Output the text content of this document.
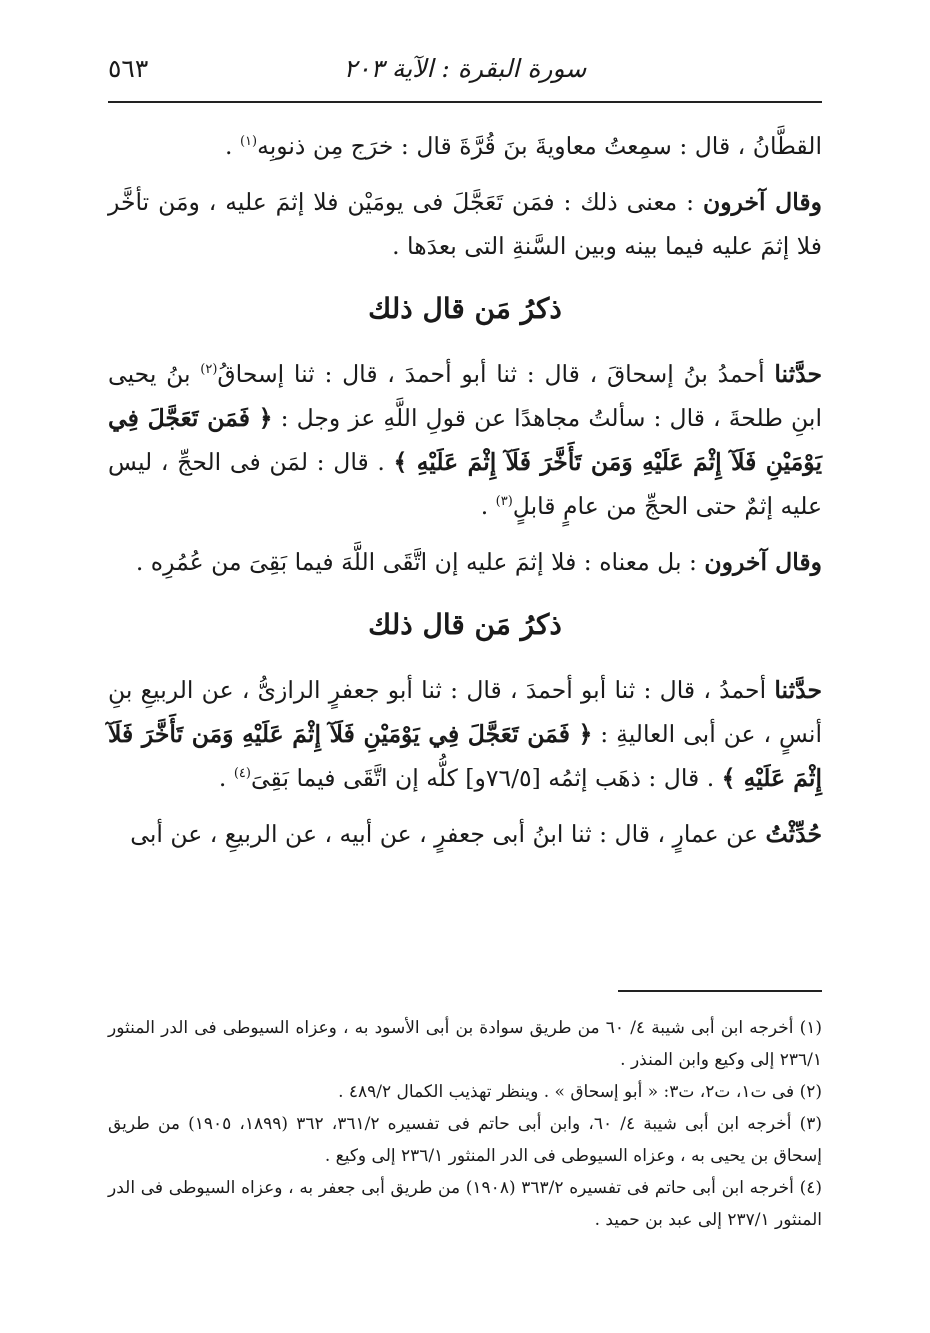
سورة البقرة : الآية ٢٠٣
٥٦٣

القطَّانُ ، قال : سمِعتُ معاويةَ بنَ قُرَّةَ قال : خرَج مِن ذنوبِه$^{(١)}$ .

وقال آخرون : معنى ذلك : فمَن تَعَجَّلَ فى يومَيْن فلا إثمَ عليه ، ومَن تأخَّر فلا إثمَ عليه فيما بينه وبين السَّنةِ التى بعدَها .

ذكرُ مَن قال ذلك

حدَّثنا أحمدُ بنُ إسحاقَ ، قال : ثنا أبو أحمدَ ، قال : ثنا إسحاقُ$^{(٢)}$ بنُ يحيى ابنِ طلحةَ ، قال : سألتُ مجاهدًا عن قولِ اللَّهِ عز وجل : ﴿ فَمَن تَعَجَّلَ فِي يَوْمَيْنِ فَلَآ إِثْمَ عَلَيْهِ وَمَن تَأَخَّرَ فَلَآ إِثْمَ عَلَيْهِ ﴾ . قال : لمَن فى الحجِّ ، ليس عليه إثمٌ حتى الحجِّ من عامٍ قابلٍ$^{(٣)}$ .

وقال آخرون : بل معناه : فلا إثمَ عليه إن اتَّقَى اللَّهَ فيما بَقِىَ من عُمُرِه .

ذكرُ مَن قال ذلك

حدَّثنا أحمدُ ، قال : ثنا أبو أحمدَ ، قال : ثنا أبو جعفرٍ الرازىُّ ، عن الربيعِ بنِ أنسٍ ، عن أبى العاليةِ : ﴿ فَمَن تَعَجَّلَ فِي يَوْمَيْنِ فَلَآ إِثْمَ عَلَيْهِ وَمَن تَأَخَّرَ فَلَآ إِثْمَ عَلَيْهِ ﴾ . قال : ذهَب إثمُه [٧٦/٥و] كلُّه إن اتَّقَى فيما بَقِىَ$^{(٤)}$ .

حُدِّثْتُ عن عمارٍ ، قال : ثنا ابنُ أبى جعفرٍ ، عن أبيه ، عن الربيعِ ، عن أبى

(١) أخرجه ابن أبى شيبة ٤/ ٦٠ من طريق سوادة بن أبى الأسود به ، وعزاه السيوطى فى الدر المنثور ٢٣٦/١ إلى وكيع وابن المنذر .

(٢) فى ت١، ت٢، ت٣: « أبو إسحاق » . وينظر تهذيب الكمال ٤٨٩/٢ .

(٣) أخرجه ابن أبى شيبة ٤/ ٦٠، وابن أبى حاتم فى تفسيره ٣٦١/٢، ٣٦٢ (١٨٩٩، ١٩٠٥) من طريق إسحاق بن يحيى به ، وعزاه السيوطى فى الدر المنثور ٢٣٦/١ إلى وكيع .

(٤) أخرجه ابن أبى حاتم فى تفسيره ٣٦٣/٢ (١٩٠٨) من طريق أبى جعفر به ، وعزاه السيوطى فى الدر المنثور ٢٣٧/١ إلى عبد بن حميد .
